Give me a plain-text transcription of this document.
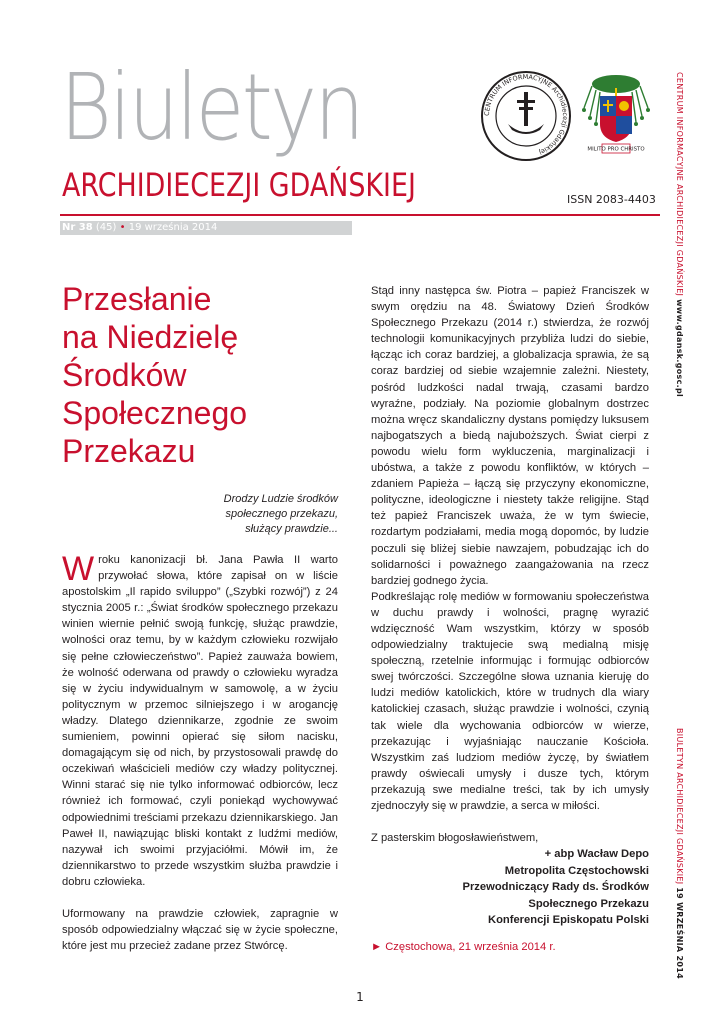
Biuletyn
ARCHIDIECEZJI GDAŃSKIEJ	ISSN 2083-4403
CENTRUM INFORMACYJNE Archidiecezji Gdańskiej	MILITO PRO CHRISTO
Nr 38 (45) • 19 września 2014
Przesłanie
na Niedzielę
Środków
Społecznego
Przekazu
Drodzy Ludzie środków
społecznego przekazu,
służący prawdzie...

Wroku kanonizacji bł. Jana Pawła II warto przywołać słowa, które zapisał on w liście apostolskim „Il rapido sviluppo” („Szybki rozwój”) z 24 stycznia 2005 r.: „Świat środków społecznego przekazu winien wiernie pełnić swoją funkcję, służąc prawdzie, wolności oraz temu, by w każdym człowieku rozwijało się pełne człowieczeństwo”. Papież zauważa bowiem, że wolność oderwana od prawdy o człowieku wyradza się w życiu indywidualnym w samowolę, a w życiu politycznym w przemoc silniejszego i w arogancję władzy. Dlatego dziennikarze, zgodnie ze swoim sumieniem, powinni opierać się siłom nacisku, domagającym się od nich, by przystosowali prawdę do oczekiwań właścicieli mediów czy władzy politycznej. Winni starać się nie tylko informować odbiorców, lecz również ich formować, czyli poniekąd wychowywać odpowiednimi treściami przekazu dziennikarskiego. Jan Paweł II, nawiązując bliski kontakt z ludźmi mediów, nazywał ich swoimi przyjaciółmi. Mówił im, że dziennikarstwo to przede wszystkim służba prawdzie i dobru człowieka.

Uformowany na prawdzie człowiek, zapragnie w sposób odpowiedzialny włączać się w życie społeczne, które jest mu przecież zadane przez Stwórcę.

Stąd inny następca św. Piotra – papież Franciszek w swym orędziu na 48. Światowy Dzień Środków Społecznego Przekazu (2014 r.) stwierdza, że rozwój technologii komunikacyjnych przybliża ludzi do siebie, łącząc ich coraz bardziej, a globalizacja sprawia, że są coraz bardziej od siebie wzajemnie zależni. Niestety, pośród ludzkości nadal trwają, czasami bardzo wyraźne, podziały. Na poziomie globalnym dostrzec można wręcz skandaliczny dystans pomiędzy luksusem najbogatszych a biedą najuboższych. Świat cierpi z powodu wielu form wykluczenia, marginalizacji i ubóstwa, a także z powodu konfliktów, w których – zdaniem Papieża – łączą się przyczyny ekonomiczne, polityczne, ideologiczne i niestety także religijne. Stąd też papież Franciszek uważa, że w tym świecie, rozdartym podziałami, media mogą dopomóc, by ludzie poczuli się bliżej siebie nawzajem, pobudzając ich do solidarności i poważnego zaangażowania na rzecz bardziej godnego życia.

Podkreślając rolę mediów w formowaniu społeczeństwa w duchu prawdy i wolności, pragnę wyrazić wdzięczność Wam wszystkim, którzy w sposób odpowiedzialny traktujecie swą medialną misję społeczną, rzetelnie informując i formując odbiorców swej twórczości. Szczególne słowa uznania kieruję do ludzi mediów katolickich, które w trudnych dla wiary katolickiej czasach, służąc prawdzie i wolności, czynią tak wiele dla wychowania odbiorców w wierze, przekazując i wyjaśniając nauczanie Kościoła. Wszystkim zaś ludziom mediów życzę, by światłem prawdy oświecali umysły i dusze tych, którym przekazują swe medialne treści, tak by ich umysły zjednoczyły się w prawdzie, a serca w miłości.

Z pasterskim błogosławieństwem,

+ abp Wacław Depo
Metropolita Częstochowski
Przewodniczący Rady ds. Środków
Społecznego Przekazu
Konferencji Episkopatu Polski
► Częstochowa, 21 września 2014 r.
CENTRUM INFORMACYJNE ARCHIDIECEZJI GDAŃSKIEJ www.gdansk.gosc.pl
BIULETYN ARCHIDIECEZJI GDAŃSKIEJ 19 WRZEŚNIA 2014
1
